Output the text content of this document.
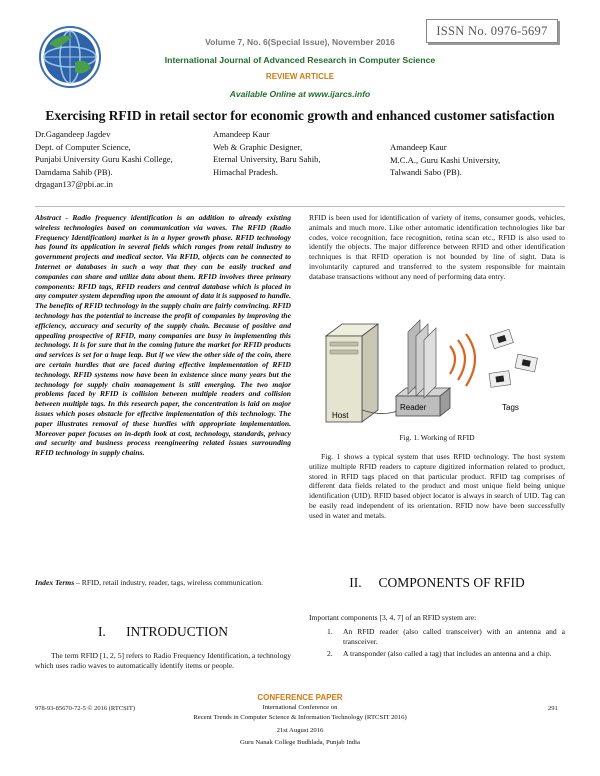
ISSN No. 0976-5697
Volume 7, No. 6(Special Issue), November 2016
International Journal of Advanced Research in Computer Science
REVIEW ARTICLE
Available Online at www.ijarcs.info
Exercising RFID in retail sector for economic growth and enhanced customer satisfaction
Dr.Gagandeep Jagdev
Dept. of Computer Science,
Punjabi University Guru Kashi College,
Damdama Sahib (PB).
drgagan137@pbi.ac.in
Amandeep Kaur
Web & Graphic Designer,
Eternal University, Baru Sahib,
Himachal Pradesh.
Amandeep Kaur
M.C.A., Guru Kashi University,
Talwandi Sabo (PB).
Abstract - Radio frequency identification is an addition to already existing wireless technologies based on communication via waves. The RFID (Radio Frequency Identification) market is in a hyper growth phase. RFID technology has found its application in several fields which ranges from retail industry to government projects and medical sector. Via RFID, objects can be connected to Internet or databases in such a way that they can be easily tracked and companies can share and utilize data about them. RFID involves three primary components: RFID tags, RFID readers and central database which is placed in any computer system depending upon the amount of data it is supposed to handle. The benefits of RFID technology in the supply chain are fairly convincing. RFID technology has the potential to increase the profit of companies by improving the efficiency, accuracy and security of the supply chain. Because of positive and appealing prospective of RFID, many companies are busy in implementing this technology. It is for sure that in the coming future the market for RFID products and services is set for a huge leap. But if we view the other side of the coin, there are certain hurdles that are faced during effective implementation of RFID technology. RFID systems now have been in existence since many years but the technology for supply chain management is still emerging. The two major problems faced by RFID is collision between multiple readers and collision between multiple tags. In this research paper, the concentration is laid on major issues which poses obstacle for effective implementation of this technology. The paper illustrates removal of these hurdles with appropriate implementation. Moreover paper focuses on in-depth look at cost, technology, standards, privacy and security and business process reengineering related issues surrounding RFID technology in supply chains.
Index Terms – RFID, retail industry, reader, tags, wireless communication.
I. INTRODUCTION
The term RFID [1, 2, 5] refers to Radio Frequency Identification, a technology which uses radio waves to automatically identify items or people.
RFID is been used for identification of variety of items, consumer goods, vehicles, animals and much more. Like other automatic identification technologies like bar codes, voice recognition, face recognition, retina scan etc., RFID is also used to identify the objects. The major difference between RFID and other identification techniques is that RFID operation is not bounded by line of sight. Data is involuntarily captured and transferred to the system responsible for maintain database transactions without any need of performing data entry.
Host
Reader	Tags
Fig. 1. Working of RFID
Fig. 1 shows a typical system that uses RFID technology. The host system utilize multiple RFID readers to capture digitized information related to product, stored in RFID tags placed on that particular product. RFID tag comprises of different data fields related to the product and most unique field being unique identification (UID). RFID based object locator is always in search of UID. Tag can be easily read independent of its orientation. RFID now have been successfully used in water and metals.
II. COMPONENTS OF RFID
Important components [3, 4, 7] of an RFID system are:
1.	An RFID reader (also called transceiver) with an antenna and a transceiver.
2.	A transponder (also called a tag) that includes an antenna and a chip.
CONFERENCE PAPER
978-93-85670-72-5 © 2016 (RTCSIT)	291
International Conference on
Recent Trends in Computer Science & Information Technology (RTCSIT 2016)
21st August 2016
Guru Nanak College Budhlada, Punjab India
